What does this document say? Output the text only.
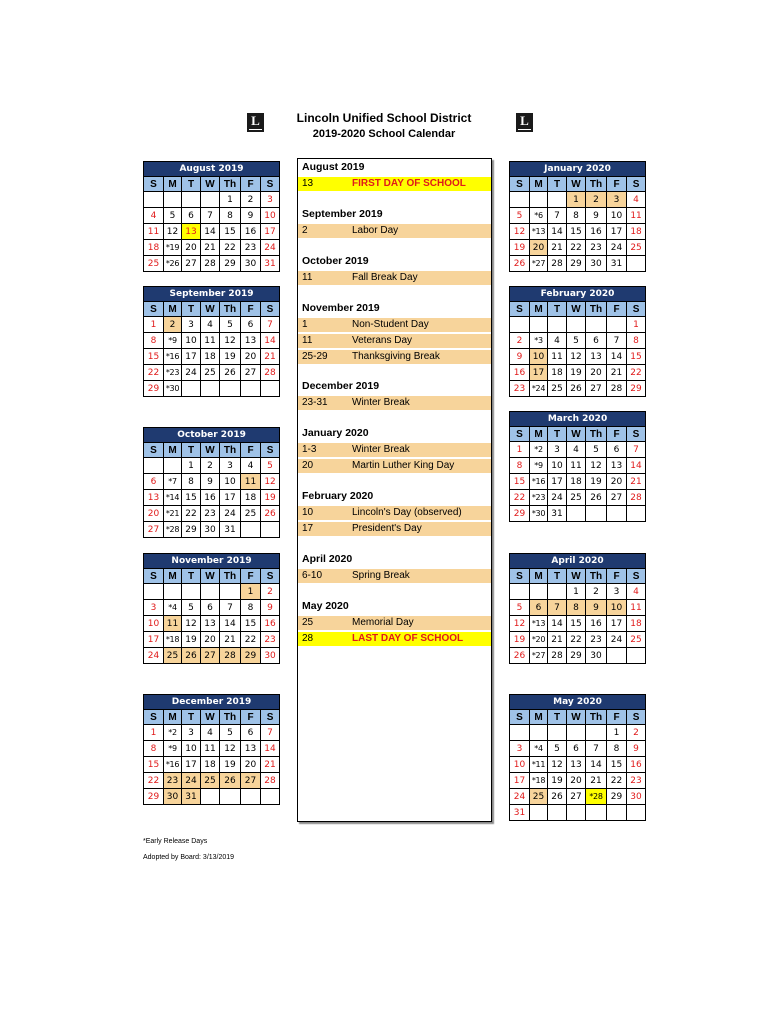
L	L
Lincoln Unified School District
2019-2020 School Calendar
August 2019						
S	M	T	W	Th	F	S
				1	2	3
4	5	6	7	8	9	10
11	12	13	14	15	16	17
18	*19	20	21	22	23	24
25	*26	27	28	29	30	31
September 2019						
S	M	T	W	Th	F	S
1	2	3	4	5	6	7
8	*9	10	11	12	13	14
15	*16	17	18	19	20	21
22	*23	24	25	26	27	28
29	*30					
October 2019						
S	M	T	W	Th	F	S
		1	2	3	4	5
6	*7	8	9	10	11	12
13	*14	15	16	17	18	19
20	*21	22	23	24	25	26
27	*28	29	30	31		
November 2019						
S	M	T	W	Th	F	S
					1	2
3	*4	5	6	7	8	9
10	11	12	13	14	15	16
17	*18	19	20	21	22	23
24	25	26	27	28	29	30
December 2019						
S	M	T	W	Th	F	S
1	*2	3	4	5	6	7
8	*9	10	11	12	13	14
15	*16	17	18	19	20	21
22	23	24	25	26	27	28
29	30	31				
January 2020						
S	M	T	W	Th	F	S
			1	2	3	4
5	*6	7	8	9	10	11
12	*13	14	15	16	17	18
19	20	21	22	23	24	25
26	*27	28	29	30	31	
February 2020						
S	M	T	W	Th	F	S
						1
2	*3	4	5	6	7	8
9	10	11	12	13	14	15
16	17	18	19	20	21	22
23	*24	25	26	27	28	29
March 2020						
S	M	T	W	Th	F	S
1	*2	3	4	5	6	7
8	*9	10	11	12	13	14
15	*16	17	18	19	20	21
22	*23	24	25	26	27	28
29	*30	31				
April 2020						
S	M	T	W	Th	F	S
			1	2	3	4
5	6	7	8	9	10	11
12	*13	14	15	16	17	18
19	*20	21	22	23	24	25
26	*27	28	29	30		
May 2020						
S	M	T	W	Th	F	S
					1	2
3	*4	5	6	7	8	9
10	*11	12	13	14	15	16
17	*18	19	20	21	22	23
24	25	26	27	*28	29	30
31						
August 2019
13	FIRST DAY OF SCHOOL
September 2019
2	Labor Day
October 2019
11	Fall Break Day
November 2019
1	Non-Student Day
11	Veterans Day
25-29 Thanksgiving Break
December 2019
23-31 Winter Break
January 2020
1-3	Winter Break
20	Martin Luther King Day
February 2020
10	Lincoln's Day (observed)
17	President's Day
April 2020
6-10	Spring Break
May 2020
25	Memorial Day
28	LAST DAY OF SCHOOL
*Early Release Days
Adopted by Board: 3/13/2019
